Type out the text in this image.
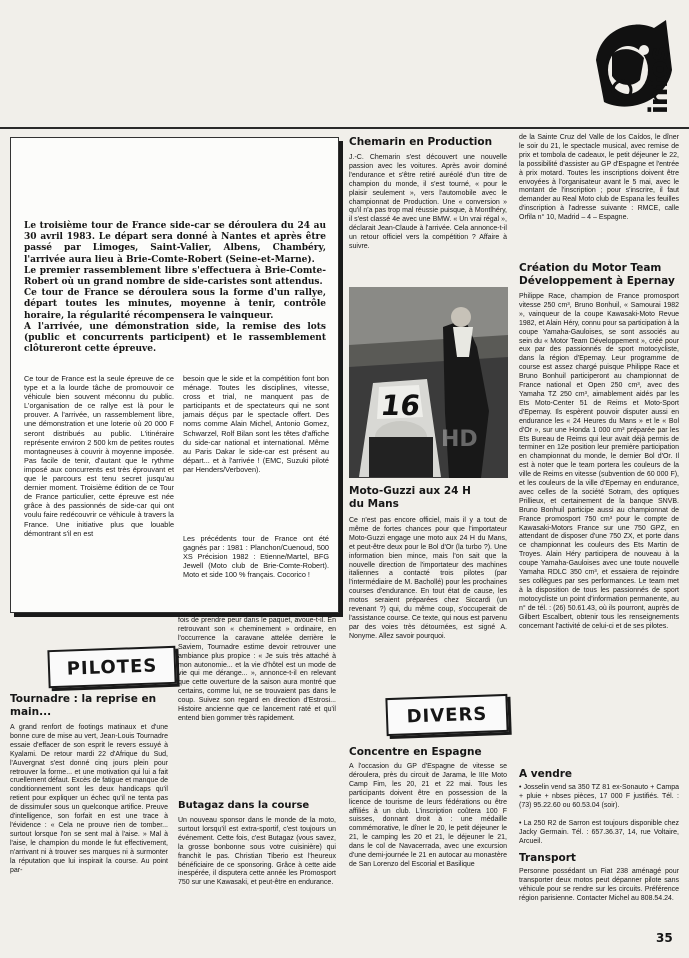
infos

Le troisième tour de France side-car se déroulera du 24 au 30 avril 1983. Le départ sera donné à Nantes et après être passé par Limoges, Saint-Valier, Albens, Chambéry, l'arrivée aura lieu à Brie-Comte-Robert (Seine-et-Marne).

Le premier rassemblement libre s'effectuera à Brie-Comte-Robert où un grand nombre de side-caristes sont attendus.

Ce tour de France se déroulera sous la forme d'un rallye, départ toutes les minutes, moyenne à tenir, contrôle horaire, la régularité récompensera le vainqueur.

A l'arrivée, une démonstration side, la remise des lots (public et concurrents participent) et le rassemblement clôtureront cette épreuve.

Ce tour de France est la seule épreuve de ce type et a la lourde tâche de promouvoir ce véhicule bien souvent méconnu du public. L'organisation de ce rallye est là pour le prouver. A l'arrivée, un rassemblement libre, une démonstration et une loterie où 20 000 F seront distribués au public. L'itinéraire représente environ 2 500 km de petites routes montagneuses à couvrir à moyenne imposée. Pas facile de tenir, d'autant que le rythme imposé aux concurrents est très éprouvant et que le parcours est tenu secret jusqu'au dernier moment. Troisième édition de ce Tour de France particulier, cette épreuve est née grâce à des passionnés de side-car qui ont voulu faire redécouvrir ce véhicule à travers la France. Une initiative plus que louable démontrant s'il en est

besoin que le side et la compétition font bon ménage. Toutes les disciplines, vitesse, cross et trial, ne manquent pas de participants et de spectateurs qui ne sont jamais déçus par le spectacle offert. Des noms comme Alain Michel, Antonio Gomez, Schwarzel, Rolf Bilan sont les têtes d'affiche du side-car national et international. Même au Paris Dakar le side-car est présent au départ... et à l'arrivée ! (EMC, Suzuki piloté par Henders/Verboven).

Les précédents tour de France ont été gagnés par : 1981 : Planchon/Cuenoud, 500 XS Précision 1982 : Etienne/Martel, BFG Jewell (Moto club de Brie-Comte-Robert). Moto et side 100 % français. Cocorico !

PILOTES
Tournadre : la reprise en main...

A grand renfort de footings matinaux et d'une bonne cure de mise au vert, Jean-Louis Tournadre essaie d'effacer de son esprit le revers essuyé à Kyalami. De retour mardi 22 d'Afrique du Sud, l'Auvergnat s'est donné cinq jours plein pour retrouver la forme... et une motivation qui lui a fait cruellement défaut. Excès de fatigue et manque de conditionnement sont les deux handicaps qu'il retient pour expliquer un échec qu'il ne tenta pas de dissimuler sous un quelconque artifice. Preuve d'intelligence, son forfait en est une trace à l'évidence : « Cela ne prouve rien de tomber... surtout lorsque l'on se sent mal à l'aise. » Mal à l'aise, le champion du monde le fut effectivement, n'arrivant ni à trouver ses marques ni à surmonter la réputation que lui inspirait la course. Au point par-

fois de prendre peur dans le paquet, avoue-t-il. En retrouvant son « cheminement » ordinaire, en l'occurrence la caravane attelée derrière le Saviem, Tournadre estime devoir retrouver une ambiance plus propice : « Je suis très attaché à mon autonomie... et la vie d'hôtel est un mode de vie qui me dérange... », annonce-t-il en relevant que cette ouverture de la saison aura montré que certains, comme lui, ne se trouvaient pas dans le coup. Suivez son regard en direction d'Estrosi... Histoire ancienne que ce lancement raté et qu'il entend bien gommer très rapidement.

Butagaz dans la course

Un nouveau sponsor dans le monde de la moto, surtout lorsqu'il est extra-sportif, c'est toujours un événement. Cette fois, c'est Butagaz (vous savez, la grosse bonbonne sous votre cuisinière) qui franchit le pas. Christian Tiberio est l'heureux bénéficiaire de ce sponsoring. Grâce à cette aide inespérée, il disputera cette année les Promosport 750 sur une Kawasaki, et peut-être en endurance.

Chemarin en Production

J.-C. Chemarin s'est découvert une nouvelle passion avec les voitures. Après avoir dominé l'endurance et s'être retiré auréolé d'un titre de champion du monde, il s'est tourné, « pour le plaisir seulement », vers l'automobile avec le championnat de Production. Une « conversion » qu'il n'a pas trop mal réussie puisque, à Montlhéry, il s'est classé 4e avec une BMW. « Un vrai régal », déclarait Jean-Claude à l'arrivée. Cela annonce-t-il un retour officiel vers la compétition ? Affaire à suivre.

16
HD
Moto-Guzzi aux 24 H du Mans

Ce n'est pas encore officiel, mais il y a tout de même de fortes chances pour que l'importateur Moto-Guzzi engage une moto aux 24 H du Mans, et peut-être deux pour le Bol d'Or (la turbo ?). Une information bien mince, mais l'on sait que la nouvelle direction de l'importateur des machines italiennes a contacté trois pilotes (par l'intermédiaire de M. Bachollé) pour les prochaines courses d'endurance. En tout état de cause, les motos seraient préparées chez Siccardi (un revenant ?) qui, du même coup, s'occuperait de l'assistance course. Ce texte, qui nous est parvenu par des voies très détournées, est signé A. Nonyme. Allez savoir pourquoi.

DIVERS
Concentre en Espagne

A l'occasion du GP d'Espagne de vitesse se déroulera, près du circuit de Jarama, le IIIe Moto Camp Fim, les 20, 21 et 22 mai. Tous les participants doivent être en possession de la licence de tourisme de leurs fédérations ou être affiliés à un club. L'inscription coûtera 100 F suisses, donnant droit à : une médaille commémorative, le dîner le 20, le petit déjeuner le 21, le camping les 20 et 21, le déjeuner le 21, dans le col de Navacerrada, avec une excursion d'une demi-journée le 21 en autocar au monastère de San Lorenzo del Escorial et Basilique

de la Sainte Cruz del Valle de los Caídos, le dîner le soir du 21, le spectacle musical, avec remise de prix et tombola de cadeaux, le petit déjeuner le 22, la possibilité d'assister au GP d'Espagne et l'entrée à prix motard. Toutes les inscriptions doivent être envoyées à l'organisateur avant le 5 mai, avec le montant de l'inscription ; pour s'inscrire, il faut demander au Real Moto club de Espana les feuilles d'inscription à l'adresse suivante : RMCE, calle Orfila n° 10, Madrid – 4 – Espagne.

Création du Motor Team Développement à Epernay

Philippe Race, champion de France promosport vitesse 250 cm³, Bruno Bonhuil, « Samourai 1982 », vainqueur de la coupe Kawasaki-Moto Revue 1982, et Alain Héry, connu pour sa participation à la coupe Yamaha-Gauloises, se sont associés au sein du « Motor Team Développement », créé pour eux par des passionnés de sport motocycliste, dans la région d'Epernay. Leur programme de course est assez chargé puisque Philippe Race et Bruno Bonhuil participeront au championnat de France national et Open 250 cm³, avec des Yamaha TZ 250 cm³, aimablement aidés par les Ets Moto-Center 51 de Reims et Moto-Sport d'Epernay. Ils espèrent pouvoir disputer aussi en endurance les « 24 Heures du Mans » et le « Bol d'Or », sur une Honda 1 000 cm³ préparée par les Ets Bureau de Reims qui leur avait déjà permis de terminer en 12e position leur première participation en championnat du monde, le dernier Bol d'Or. Il est à noter que le team portera les couleurs de la ville de Reims en vitesse (subvention de 60 000 F), et les couleurs de la ville d'Epernay en endurance, avec celles de la société Sotram, des optiques Prillieux, et certainement de la banque SNVB. Bruno Bonhuil participe aussi au championnat de France promosport 750 cm³ pour le compte de Kawasaki-Motors France sur une 750 GPZ, en attendant de disposer d'une 750 ZX, et porte dans ce championnat les couleurs des Ets Martin de Troyes. Alain Héry participera de nouveau à la coupe Yamaha-Gauloises avec une toute nouvelle Yamaha RDLC 350 cm³, et essaiera de rejoindre ses collègues par ses performances. Le team met à la disposition de tous les passionnés de sport motocycliste un point d'information permanente, au n° de tél. : (26) 50.61.43, où ils pourront, auprès de Gilbert Escalbert, obtenir tous les renseignements concernant l'activité de celui-ci et de ses pilotes.

A vendre

• Josselin vend sa 350 TZ 81 ex-Sonauto + Campa + pluie + nbses pièces, 17 000 F justifiés. Tél. : (73) 95.22.60 ou 60.53.04 (soir).

• La 250 R2 de Sarron est toujours disponible chez Jacky Germain. Tél. : 657.36.37, 14, rue Voltaire, Arcueil.

Transport

Personne possédant un Fiat 238 aménagé pour transporter deux motos peut dépanner pilote sans véhicule pour se rendre sur les circuits. Préférence région parisienne. Contacter Michel au 808.54.24.

35
